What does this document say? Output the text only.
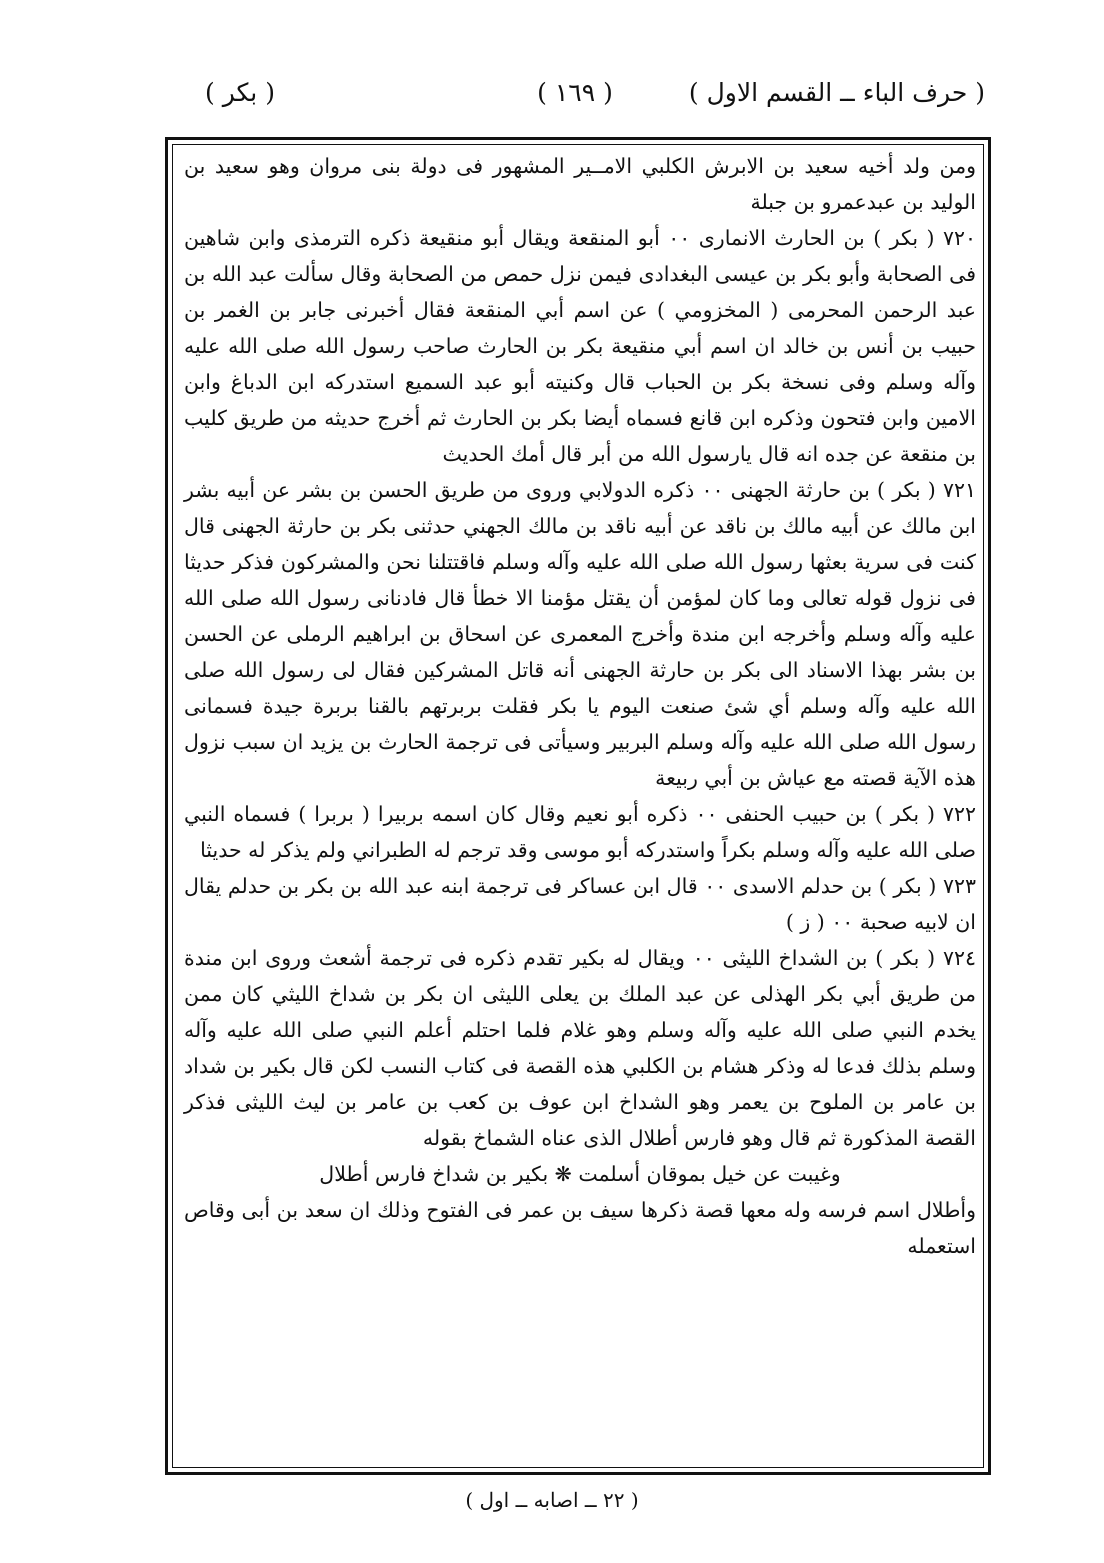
( حرف الباء ــ القسم الاول )
( ١٦٩ )
( بكر )

ومن ولد أخيه سعيد بن الابرش الكلبي الامــير المشهور فى دولة بنى مروان وهو سعيد بن الوليد بن عبدعمرو بن جبلة

٧٢٠ ( بكر ) بن الحارث الانمارى ٠٠ أبو المنقعة ويقال أبو منقيعة ذكره الترمذى وابن شاهين فى الصحابة وأبو بكر بن عيسى البغدادى فيمن نزل حمص من الصحابة وقال سألت عبد الله بن عبد الرحمن المحرمى ( المخزومي ) عن اسم أبي المنقعة فقال أخبرنى جابر بن الغمر بن حبيب بن أنس بن خالد ان اسم أبي منقيعة بكر بن الحارث صاحب رسول الله صلى الله عليه وآله وسلم وفى نسخة بكر بن الحباب قال وكنيته أبو عبد السميع استدركه ابن الدباغ وابن الامين وابن فتحون وذكره ابن قانع فسماه أيضا بكر بن الحارث ثم أخرج حديثه من طريق كليب بن منقعة عن جده انه قال يارسول الله من أبر قال أمك الحديث

٧٢١ ( بكر ) بن حارثة الجهنى ٠٠ ذكره الدولابي وروى من طريق الحسن بن بشر عن أبيه بشر ابن مالك عن أبيه مالك بن ناقد عن أبيه ناقد بن مالك الجهني حدثنى بكر بن حارثة الجهنى قال كنت فى سرية بعثها رسول الله صلى الله عليه وآله وسلم فاقتتلنا نحن والمشركون فذكر حديثا فى نزول قوله تعالى وما كان لمؤمن أن يقتل مؤمنا الا خطأ قال فادنانى رسول الله صلى الله عليه وآله وسلم وأخرجه ابن مندة وأخرج المعمرى عن اسحاق بن ابراهيم الرملى عن الحسن بن بشر بهذا الاسناد الى بكر بن حارثة الجهنى أنه قاتل المشركين فقال لى رسول الله صلى الله عليه وآله وسلم أي شئ صنعت اليوم يا بكر فقلت بربرتهم بالقنا بربرة جيدة فسمانى رسول الله صلى الله عليه وآله وسلم البربير وسيأتى فى ترجمة الحارث بن يزيد ان سبب نزول هذه الآية قصته مع عياش بن أبي ربيعة

٧٢٢ ( بكر ) بن حبيب الحنفى ٠٠ ذكره أبو نعيم وقال كان اسمه بربيرا ( بربرا ) فسماه النبي صلى الله عليه وآله وسلم بكراً واستدركه أبو موسى وقد ترجم له الطبراني ولم يذكر له حديثا

٧٢٣ ( بكر ) بن حدلم الاسدى ٠٠ قال ابن عساكر فى ترجمة ابنه عبد الله بن بكر بن حدلم يقال ان لابيه صحبة ٠٠ ( ز )

٧٢٤ ( بكر ) بن الشداخ الليثى ٠٠ ويقال له بكير تقدم ذكره فى ترجمة أشعث وروى ابن مندة من طريق أبي بكر الهذلى عن عبد الملك بن يعلى الليثى ان بكر بن شداخ الليثي كان ممن يخدم النبي صلى الله عليه وآله وسلم وهو غلام فلما احتلم أعلم النبي صلى الله عليه وآله وسلم بذلك فدعا له وذكر هشام بن الكلبي هذه القصة فى كتاب النسب لكن قال بكير بن شداد بن عامر بن الملوح بن يعمر وهو الشداخ ابن عوف بن كعب بن عامر بن ليث الليثى فذكر القصة المذكورة ثم قال وهو فارس أطلال الذى عناه الشماخ بقوله

وغيبت عن خيل بموقان أسلمت ❋ بكير بن شداخ فارس أطلال

وأطلال اسم فرسه وله معها قصة ذكرها سيف بن عمر فى الفتوح وذلك ان سعد بن أبى وقاص استعمله

( ٢٢ ــ اصابه ــ اول )
